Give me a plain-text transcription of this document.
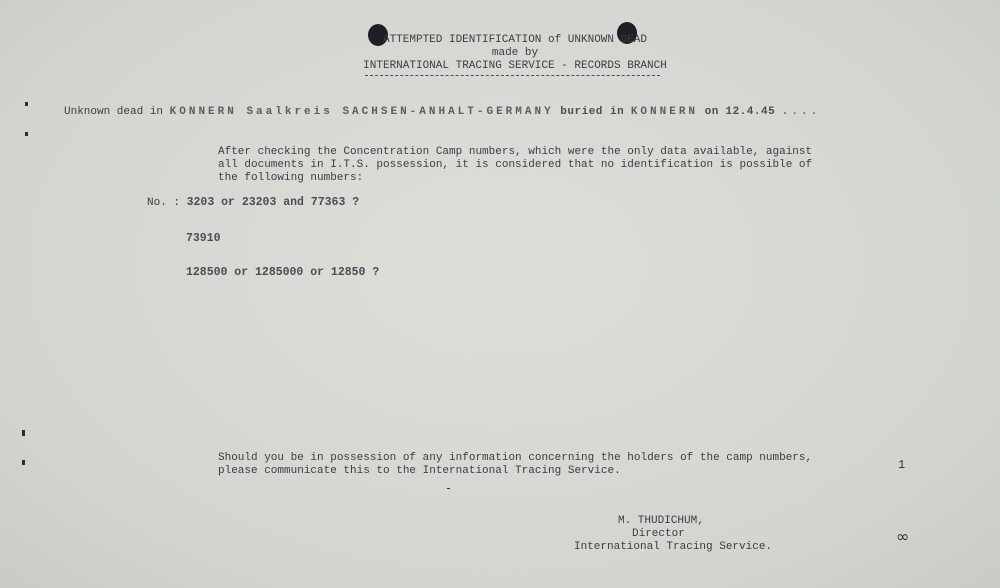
ATTEMPTED IDENTIFICATION of UNKNOWN DEAD
made by
INTERNATIONAL TRACING SERVICE - RECORDS BRANCH
Unknown dead in KONNERN Saalkreis SACHSEN-ANHALT-GERMANY buried in KONNERN on 12.4.45 ....
After checking the Concentration Camp numbers, which were the only data available, against all documents in I.T.S. possession, it is considered that no identification is possible of the following numbers:
No. : 3203 or 23203 and 77363 ?
73910
128500 or 1285000 or 12850 ?
Should you be in possession of any information concerning the holders of the camp numbers, please communicate this to the International Tracing Service.
M. THUDICHUM,
Director
International Tracing Service.
1
∞
